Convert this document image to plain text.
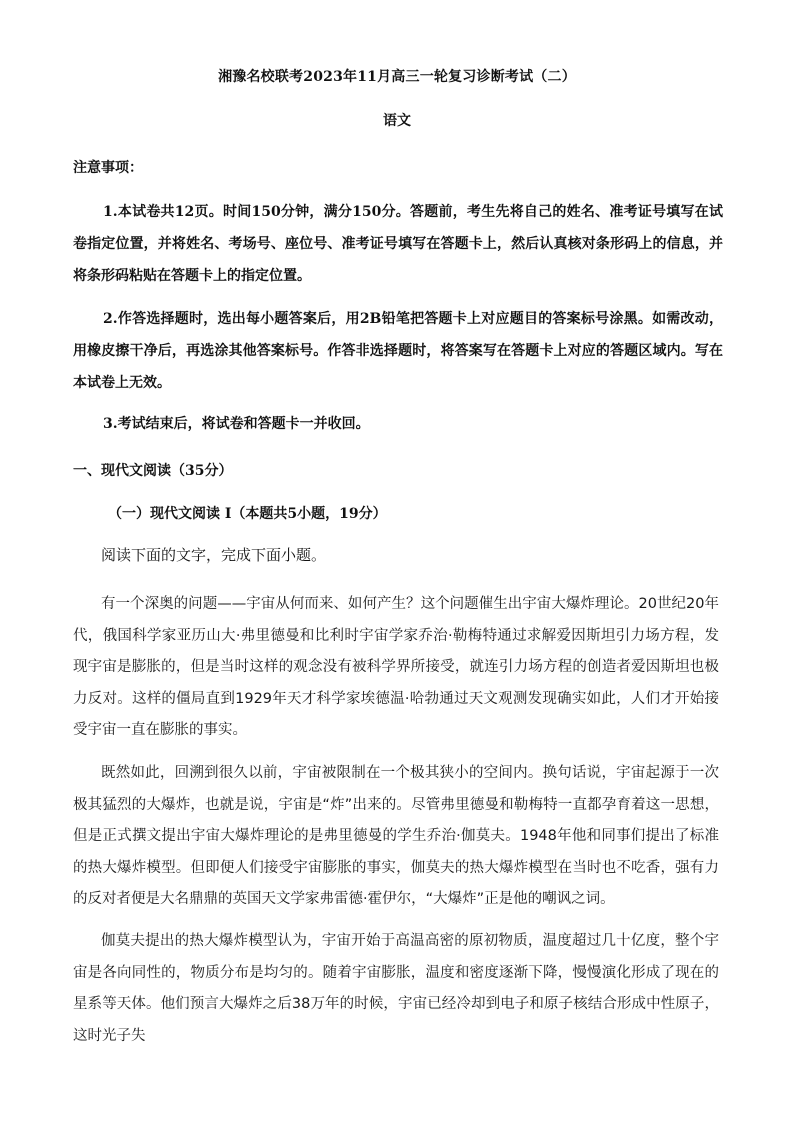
湘豫名校联考2023年11月高三一轮复习诊断考试（二）
语文
注意事项：

1.本试卷共12页。时间150分钟，满分150分。答题前，考生先将自己的姓名、准考证号填写在试卷指定位置，并将姓名、考场号、座位号、准考证号填写在答题卡上，然后认真核对条形码上的信息，并将条形码粘贴在答题卡上的指定位置。

2.作答选择题时，选出每小题答案后，用2B铅笔把答题卡上对应题目的答案标号涂黑。如需改动，用橡皮擦干净后，再选涂其他答案标号。作答非选择题时，将答案写在答题卡上对应的答题区域内。写在本试卷上无效。

3.考试结束后，将试卷和答题卡一并收回。

一、现代文阅读（35分）
（一）现代文阅读 I（本题共5小题，19分）
阅读下面的文字，完成下面小题。

有一个深奥的问题——宇宙从何而来、如何产生？这个问题催生出宇宙大爆炸理论。20世纪20年代，俄国科学家亚历山大·弗里德曼和比利时宇宙学家乔治·勒梅特通过求解爱因斯坦引力场方程，发现宇宙是膨胀的，但是当时这样的观念没有被科学界所接受，就连引力场方程的创造者爱因斯坦也极力反对。这样的僵局直到1929年天才科学家埃德温·哈勃通过天文观测发现确实如此，人们才开始接受宇宙一直在膨胀的事实。

既然如此，回溯到很久以前，宇宙被限制在一个极其狭小的空间内。换句话说，宇宙起源于一次极其猛烈的大爆炸，也就是说，宇宙是“炸”出来的。尽管弗里德曼和勒梅特一直都孕育着这一思想，但是正式撰文提出宇宙大爆炸理论的是弗里德曼的学生乔治·伽莫夫。1948年他和同事们提出了标准的热大爆炸模型。但即便人们接受宇宙膨胀的事实，伽莫夫的热大爆炸模型在当时也不吃香，强有力的反对者便是大名鼎鼎的英国天文学家弗雷德·霍伊尔，“大爆炸”正是他的嘲讽之词。

伽莫夫提出的热大爆炸模型认为，宇宙开始于高温高密的原初物质，温度超过几十亿度，整个宇宙是各向同性的，物质分布是均匀的。随着宇宙膨胀，温度和密度逐渐下降，慢慢演化形成了现在的星系等天体。他们预言大爆炸之后38万年的时候，宇宙已经冷却到电子和原子核结合形成中性原子，这时光子失
